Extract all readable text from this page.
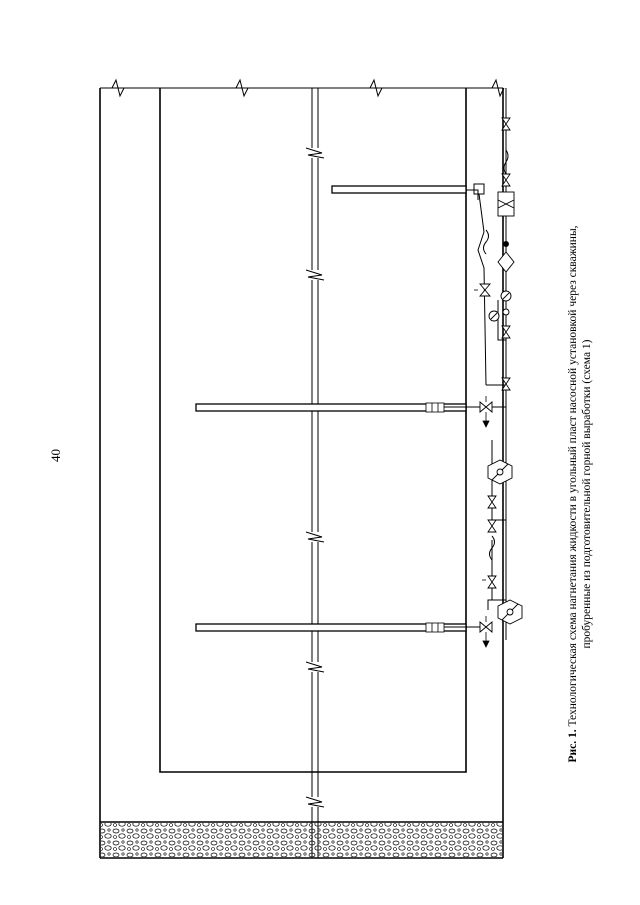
40
Рис. 1. Технологическая схема нагнетания жидкости в угольный пласт насосной установкой через скважины, пробуренные из подготовительной горной выработки (схема 1)
